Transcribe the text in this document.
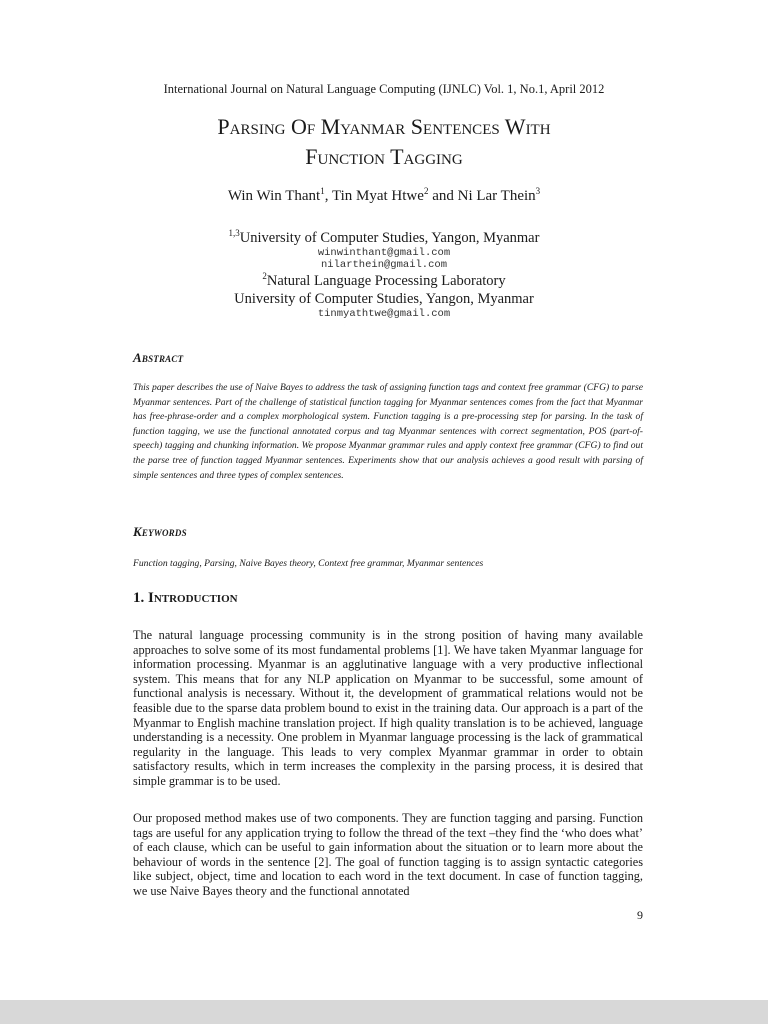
International Journal on Natural Language Computing (IJNLC) Vol. 1, No.1, April 2012
Parsing Of Myanmar Sentences With
Function Tagging
Win Win Thant$^1$, Tin Myat Htwe$^2$ and Ni Lar Thein$^3$
$^{1,3}$University of Computer Studies, Yangon, Myanmar
winwinthant@gmail.com
nilarthein@gmail.com
$^2$Natural Language Processing Laboratory
University of Computer Studies, Yangon, Myanmar
tinmyathtwe@gmail.com
Abstract
This paper describes the use of Naive Bayes to address the task of assigning function tags and context free grammar (CFG) to parse Myanmar sentences. Part of the challenge of statistical function tagging for Myanmar sentences comes from the fact that Myanmar has free-phrase-order and a complex morphological system. Function tagging is a pre-processing step for parsing. In the task of function tagging, we use the functional annotated corpus and tag Myanmar sentences with correct segmentation, POS (part-of-speech) tagging and chunking information. We propose Myanmar grammar rules and apply context free grammar (CFG) to find out the parse tree of function tagged Myanmar sentences. Experiments show that our analysis achieves a good result with parsing of simple sentences and three types of complex sentences.
Keywords
Function tagging, Parsing, Naive Bayes theory, Context free grammar, Myanmar sentences
1. Introduction
The natural language processing community is in the strong position of having many available approaches to solve some of its most fundamental problems [1]. We have taken Myanmar language for information processing. Myanmar is an agglutinative language with a very productive inflectional system. This means that for any NLP application on Myanmar to be successful, some amount of functional analysis is necessary. Without it, the development of grammatical relations would not be feasible due to the sparse data problem bound to exist in the training data. Our approach is a part of the Myanmar to English machine translation project. If high quality translation is to be achieved, language understanding is a necessity. One problem in Myanmar language processing is the lack of grammatical regularity in the language. This leads to very complex Myanmar grammar in order to obtain satisfactory results, which in term increases the complexity in the parsing process, it is desired that simple grammar is to be used.
Our proposed method makes use of two components. They are function tagging and parsing. Function tags are useful for any application trying to follow the thread of the text –they find the ‘who does what’ of each clause, which can be useful to gain information about the situation or to learn more about the behaviour of words in the sentence [2]. The goal of function tagging is to assign syntactic categories like subject, object, time and location to each word in the text document. In case of function tagging, we use Naive Bayes theory and the functional annotated
9
